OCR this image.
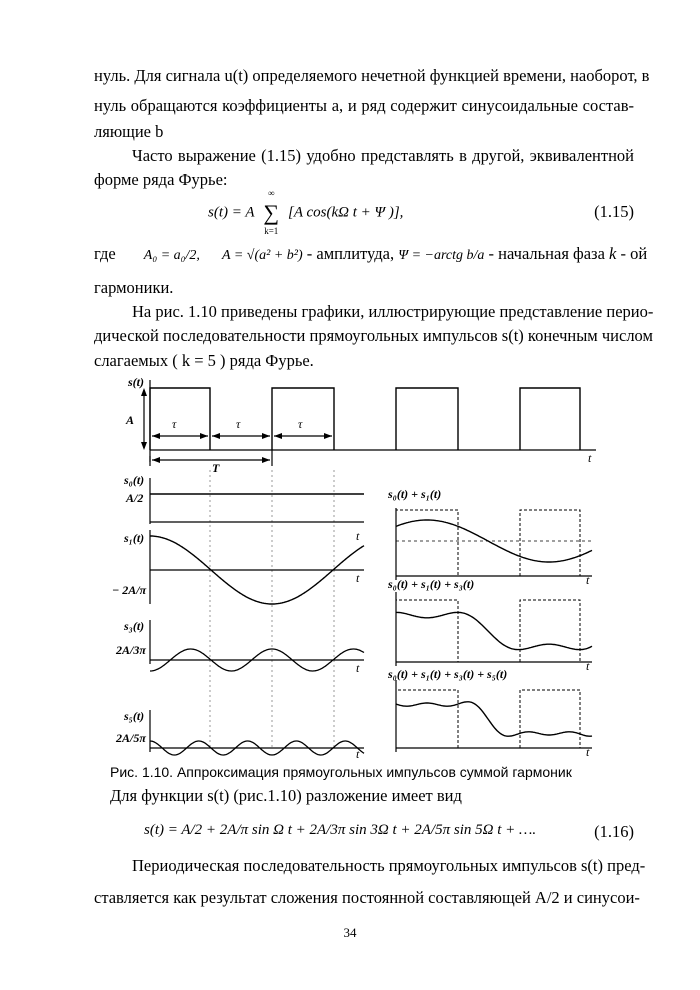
нуль. Для сигнала u(t) определяемого нечетной функцией времени, наоборот, в
нуль обращаются коэффициенты a, и ряд содержит синусоидальные состав-
ляющие b
Часто выражение (1.15) удобно представлять в другой, эквивалентной
форме ряда Фурье:
s(t) = A
∞
∑
k=1
[A cos(kΩ t + Ψ )],	(1.15)
где A₀ = a₀/2, A = √(a² + b²) - амплитуда, Ψ = −arctg b/a - начальная фаза k - ой
гармоники.
На рис. 1.10 приведены графики, иллюстрирующие представление перио-
дической последовательности прямоугольных импульсов s(t) конечным числом
слагаемых ( k = 5 ) ряда Фурье.
s(t)
A	τ	τ	τ
T
t
s₀(t)
A/2
s₁(t)	t
− 2A/π
t
s₃(t)
2A/3π
t
s₅(t)
2A/5π
t
s₀(t) + s₁(t)
t
s₀(t) + s₁(t) + s₃(t)
t
s₀(t) + s₁(t) + s₃(t) + s₅(t)
t
Рис. 1.10. Аппроксимация прямоугольных импульсов суммой гармоник
Для функции s(t) (рис.1.10) разложение имеет вид
s(t) = A/2 + 2A/π sin Ω t + 2A/3π sin 3Ω t + 2A/5π sin 5Ω t + ….	(1.16)
Периодическая последовательность прямоугольных импульсов s(t) пред-
ставляется как результат сложения постоянной составляющей A/2 и синусои-
34
